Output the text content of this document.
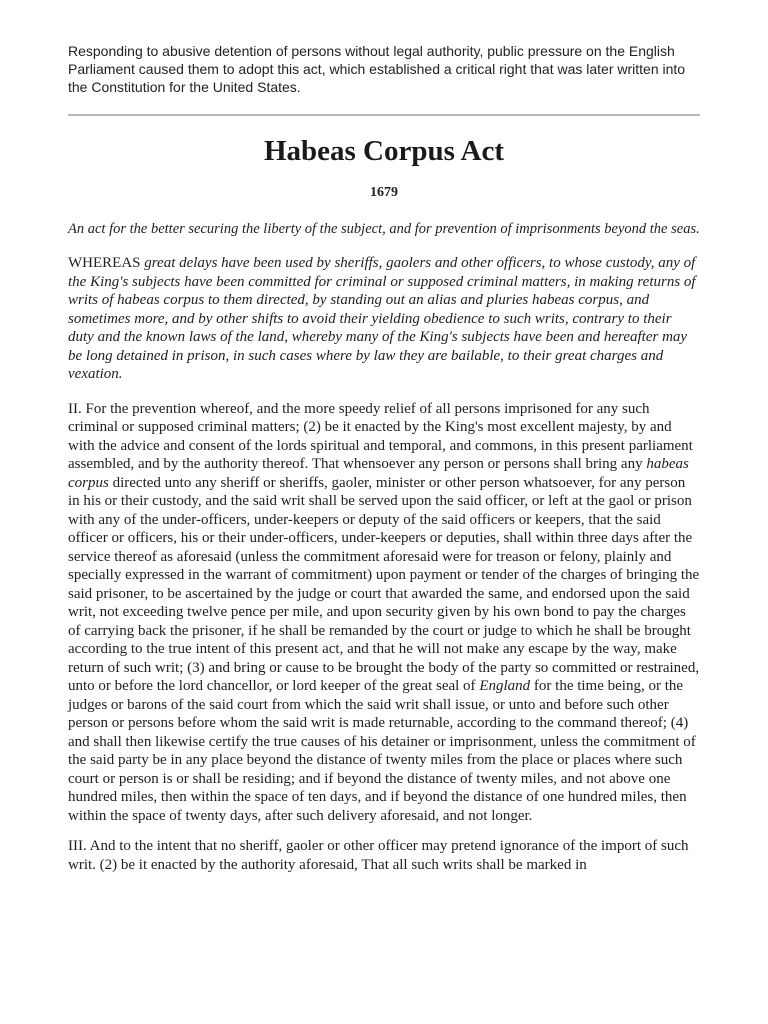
Responding to abusive detention of persons without legal authority, public pressure on the English Parliament caused them to adopt this act, which established a critical right that was later written into the Constitution for the United States.

Habeas Corpus Act
1679

An act for the better securing the liberty of the subject, and for prevention of imprisonments beyond the seas.

WHEREAS great delays have been used by sheriffs, gaolers and other officers, to whose custody, any of the King's subjects have been committed for criminal or supposed criminal matters, in making returns of writs of habeas corpus to them directed, by standing out an alias and pluries habeas corpus, and sometimes more, and by other shifts to avoid their yielding obedience to such writs, contrary to their duty and the known laws of the land, whereby many of the King's subjects have been and hereafter may be long detained in prison, in such cases where by law they are bailable, to their great charges and vexation.

II. For the prevention whereof, and the more speedy relief of all persons imprisoned for any such criminal or supposed criminal matters; (2) be it enacted by the King's most excellent majesty, by and with the advice and consent of the lords spiritual and temporal, and commons, in this present parliament assembled, and by the authority thereof. That whensoever any person or persons shall bring any habeas corpus directed unto any sheriff or sheriffs, gaoler, minister or other person whatsoever, for any person in his or their custody, and the said writ shall be served upon the said officer, or left at the gaol or prison with any of the under-officers, under-keepers or deputy of the said officers or keepers, that the said officer or officers, his or their under-officers, under-keepers or deputies, shall within three days after the service thereof as aforesaid (unless the commitment aforesaid were for treason or felony, plainly and specially expressed in the warrant of commitment) upon payment or tender of the charges of bringing the said prisoner, to be ascertained by the judge or court that awarded the same, and endorsed upon the said writ, not exceeding twelve pence per mile, and upon security given by his own bond to pay the charges of carrying back the prisoner, if he shall be remanded by the court or judge to which he shall be brought according to the true intent of this present act, and that he will not make any escape by the way, make return of such writ; (3) and bring or cause to be brought the body of the party so committed or restrained, unto or before the lord chancellor, or lord keeper of the great seal of England for the time being, or the judges or barons of the said court from which the said writ shall issue, or unto and before such other person or persons before whom the said writ is made returnable, according to the command thereof; (4) and shall then likewise certify the true causes of his detainer or imprisonment, unless the commitment of the said party be in any place beyond the distance of twenty miles from the place or places where such court or person is or shall be residing; and if beyond the distance of twenty miles, and not above one hundred miles, then within the space of ten days, and if beyond the distance of one hundred miles, then within the space of twenty days, after such delivery aforesaid, and not longer.

III. And to the intent that no sheriff, gaoler or other officer may pretend ignorance of the import of such writ. (2) be it enacted by the authority aforesaid, That all such writs shall be marked in
